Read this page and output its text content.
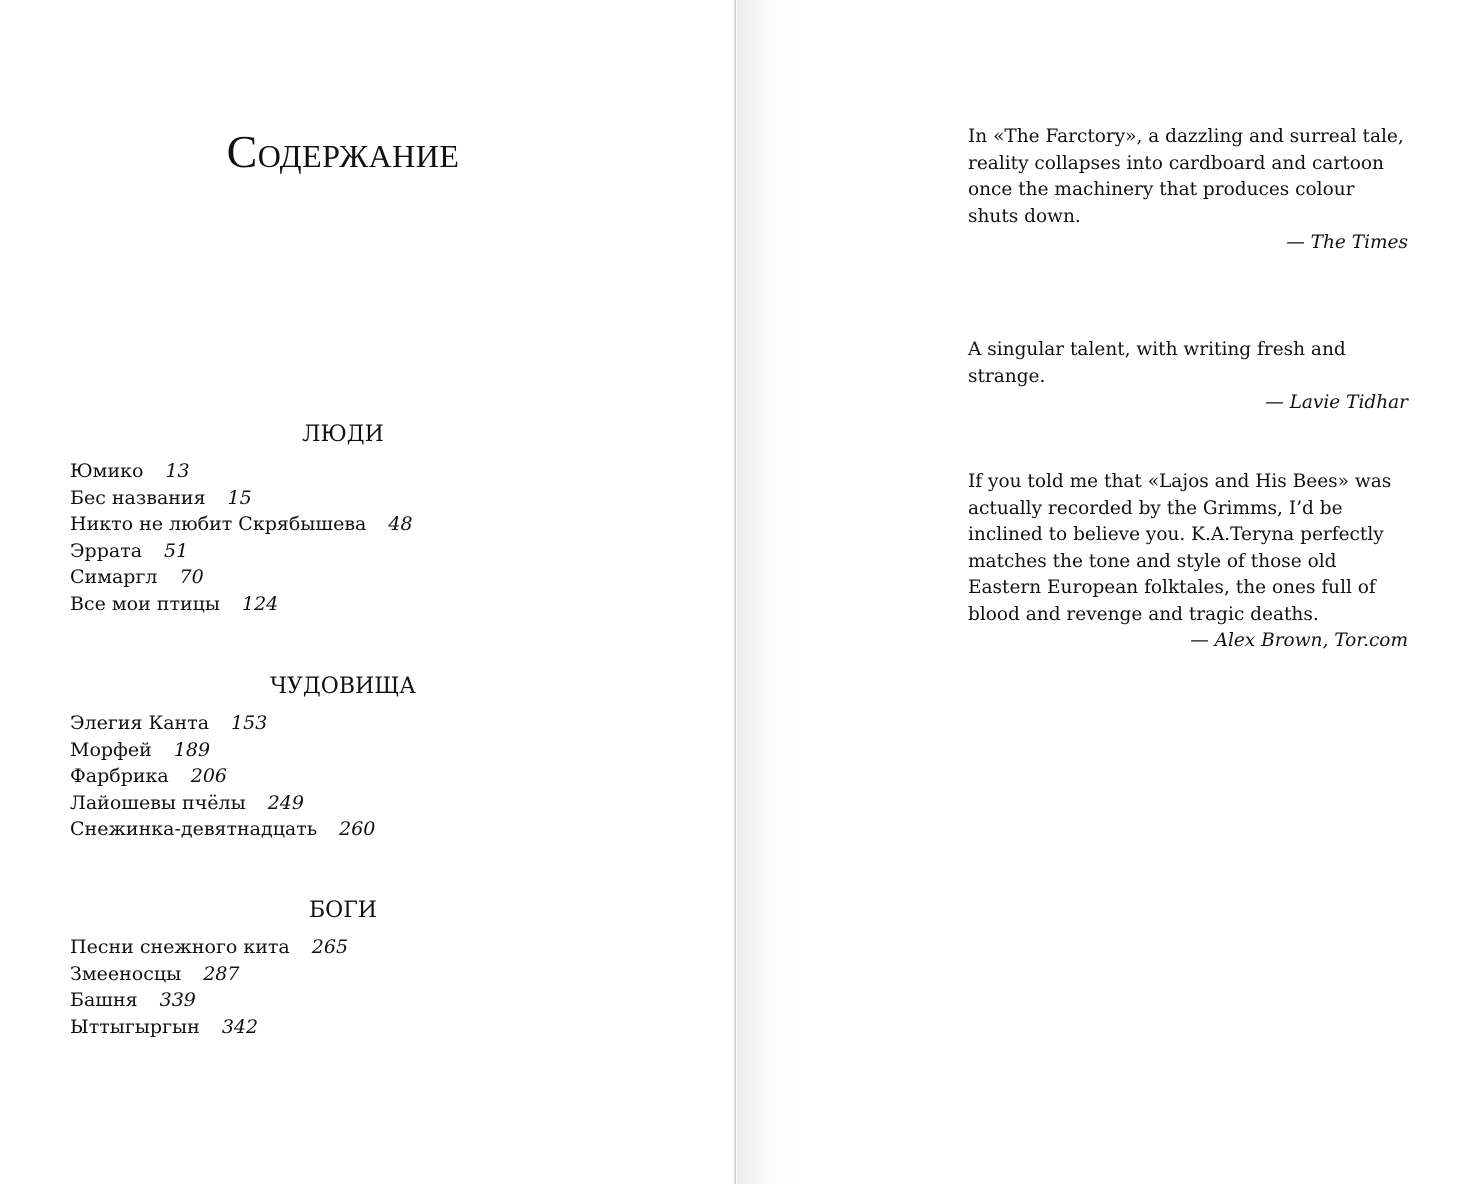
Содержание
ЛЮДИ
Юмико 13
Бес названия 15
Никто не любит Скрябышева 48
Эррата 51
Симаргл 70
Все мои птицы 124
ЧУДОВИЩА
Элегия Канта 153
Морфей 189
Фарбрика 206
Лайошевы пчёлы 249
Снежинка-девятнадцать 260
БОГИ
Песни снежного кита 265
Змееносцы 287
Башня 339
Ыттыгыргын 342

In «The Farctory», a dazzling and surreal tale, reality collapses into cardboard and cartoon once the machinery that produces colour shuts down.

— The Times

A singular talent, with writing fresh and strange.

— Lavie Tidhar

If you told me that «Lajos and His Bees» was actually recorded by the Grimms, I’d be inclined to believe you. K.A.Teryna perfectly matches the tone and style of those old Eastern European folktales, the ones full of blood and revenge and tragic deaths.

— Alex Brown, Tor.com
